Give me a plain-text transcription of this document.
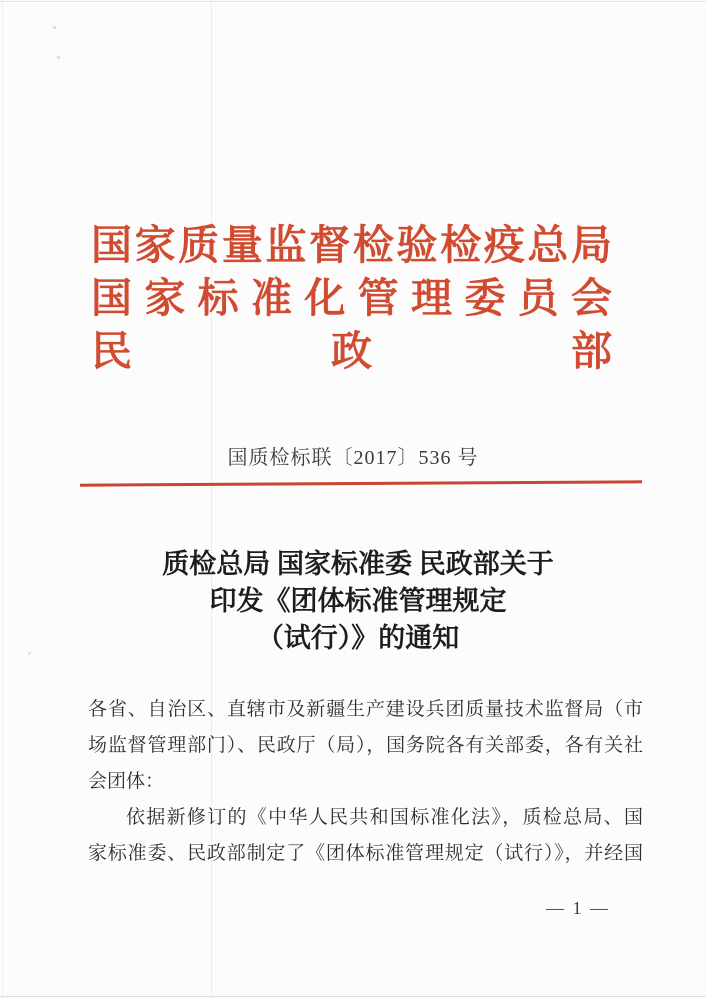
国家质量监督检验检疫总局
国家标准化管理委员会
民政部
国质检标联〔2017〕536 号
质检总局 国家标准委 民政部关于
印发《团体标准管理规定
（试行）》的通知
各省、自治区、直辖市及新疆生产建设兵团质量技术监督局（市
场监督管理部门）、民政厅（局），国务院各有关部委，各有关社
会团体：
依据新修订的《中华人民共和国标准化法》，质检总局、国
家标准委、民政部制定了《团体标准管理规定（试行）》，并经国
— 1 —
